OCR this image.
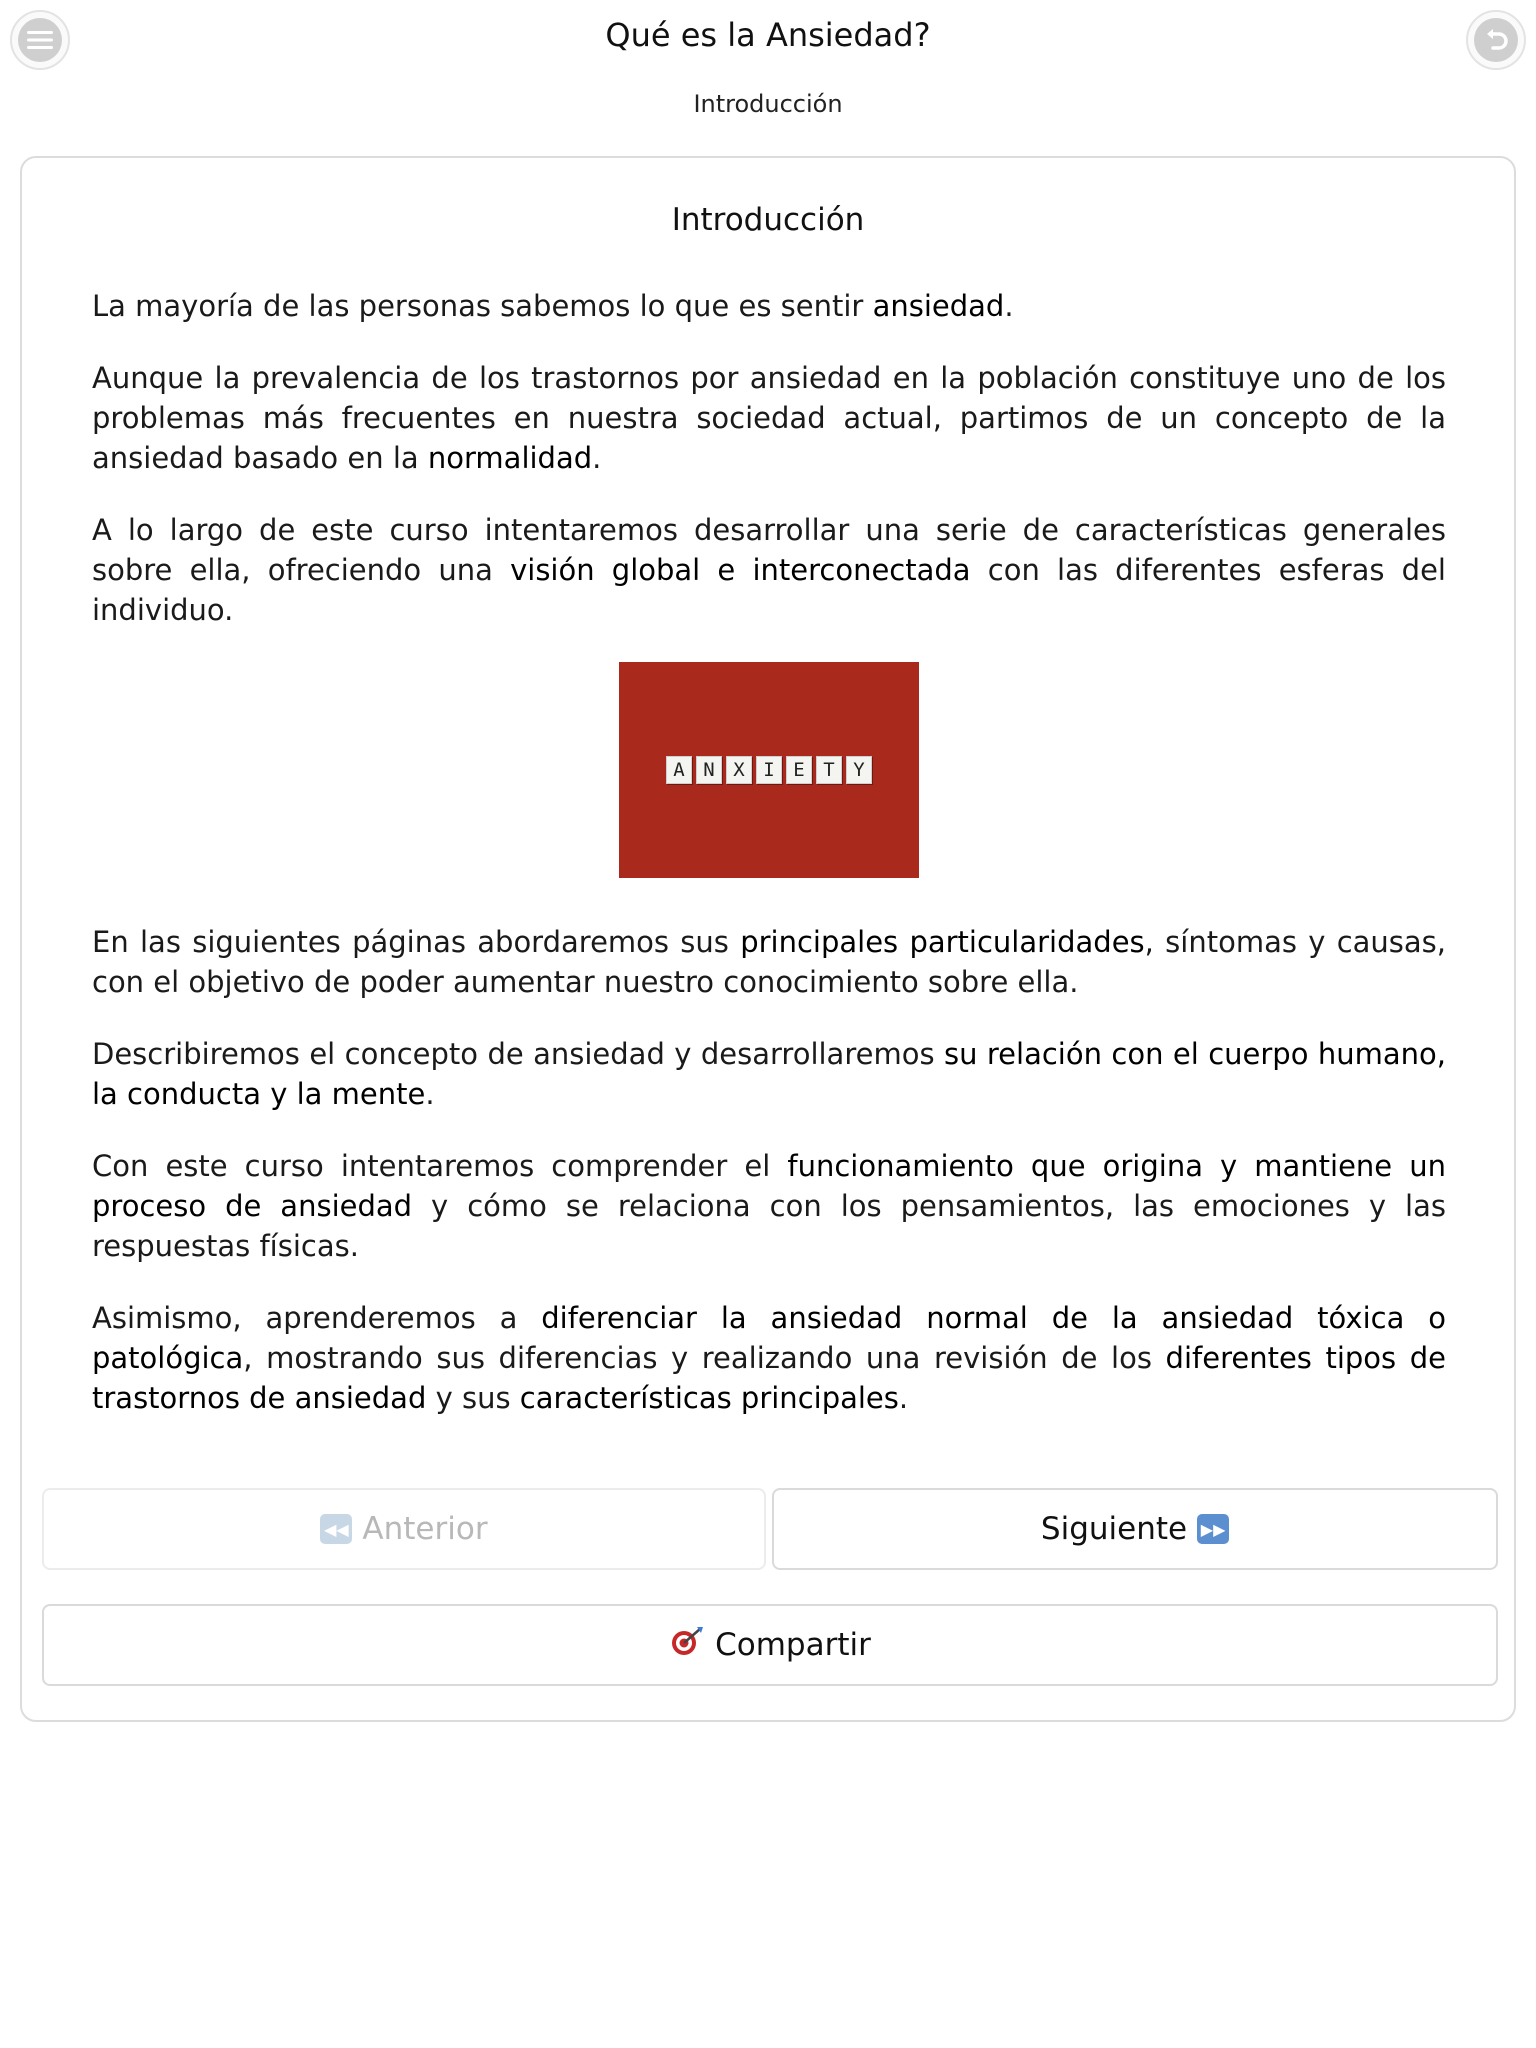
Qué es la Ansiedad?
Introducción
Introducción

La mayoría de las personas sabemos lo que es sentir ansiedad.

Aunque la prevalencia de los trastornos por ansiedad en la población constituye uno de los problemas más frecuentes en nuestra sociedad actual, partimos de un concepto de la ansiedad basado en la normalidad.

A lo largo de este curso intentaremos desarrollar una serie de características generales sobre ella, ofreciendo una visión global e interconectada con las diferentes esferas del individuo.

A N X I E T Y

En las siguientes páginas abordaremos sus principales particularidades, síntomas y causas, con el objetivo de poder aumentar nuestro conocimiento sobre ella.

Describiremos el concepto de ansiedad y desarrollaremos su relación con el cuerpo humano, la conducta y la mente.

Con este curso intentaremos comprender el funcionamiento que origina y mantiene un proceso de ansiedad y cómo se relaciona con los pensamientos, las emociones y las respuestas físicas.

Asimismo, aprenderemos a diferenciar la ansiedad normal de la ansiedad tóxica o patológica, mostrando sus diferencias y realizando una revisión de los diferentes tipos de trastornos de ansiedad y sus características principales.

◀◀ Anterior	Siguiente ▶▶
Compartir
